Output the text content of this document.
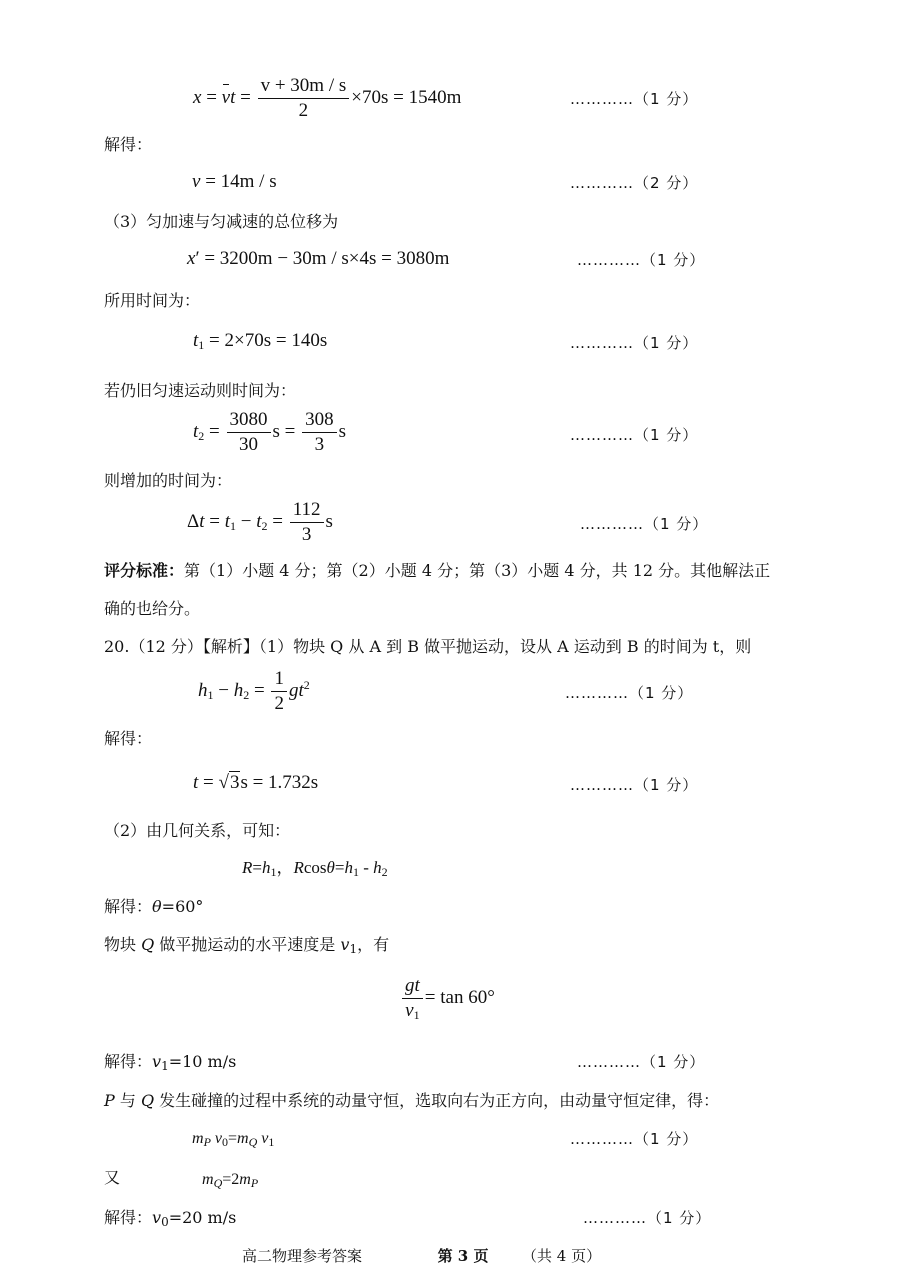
x = vt = $\frac{v + 30m / s}{2} \times 70s = 1540m$	…………（1 分）
解得：
v = 14m / s	…………（2 分）
（3）匀加速与匀减速的总位移为
x′ = 3200m − 30m / s×4s = 3080m	…………（1 分）
所用时间为：
$t_1 = 2\times 70s = 140s$	…………（1 分）
若仍旧匀速运动则时间为：
$t_2 = \frac{3080}{30}$ $s = \frac{308}{3}$ s	…………（1 分）
则增加的时间为：
$\Delta t = t_1 - t_2 = \frac{112}{3}$ s	…………（1 分）
评分标准：第（1）小题 4 分；第（2）小题 4 分；第（3）小题 4 分，共 12 分。其他解法正
确的也给分。
20.（12 分）【解析】（1）物块 Q 从 A 到 B 做平抛运动，设从 A 运动到 B 的时间为 t，则
$h_1 - h_2 = \frac{1}{2} gt^2$	…………（1 分）
解得：
t = √3s = 1.732s	…………（1 分）
（2）由几何关系，可知：
$R=h_1$，$Rcos\theta=h_1 - h_2$
解得：θ=60°
物块 Q 做平抛运动的水平速度是 $v_1$，有
$\frac{gt}{v_1} = \tan 60^\circ$
解得：$v_1=10$ m/s	…………（1 分）
P 与 Q 发生碰撞的过程中系统的动量守恒，选取向右为正方向，由动量守恒定律，得：
$m_P$ $v_0=m_Q$ $v_1$	…………（1 分）
又	$m_Q=2m_P$
解得：$v_0=20$ m/s	…………（1 分）
高二物理参考答案	第 3 页 （共 4 页）
